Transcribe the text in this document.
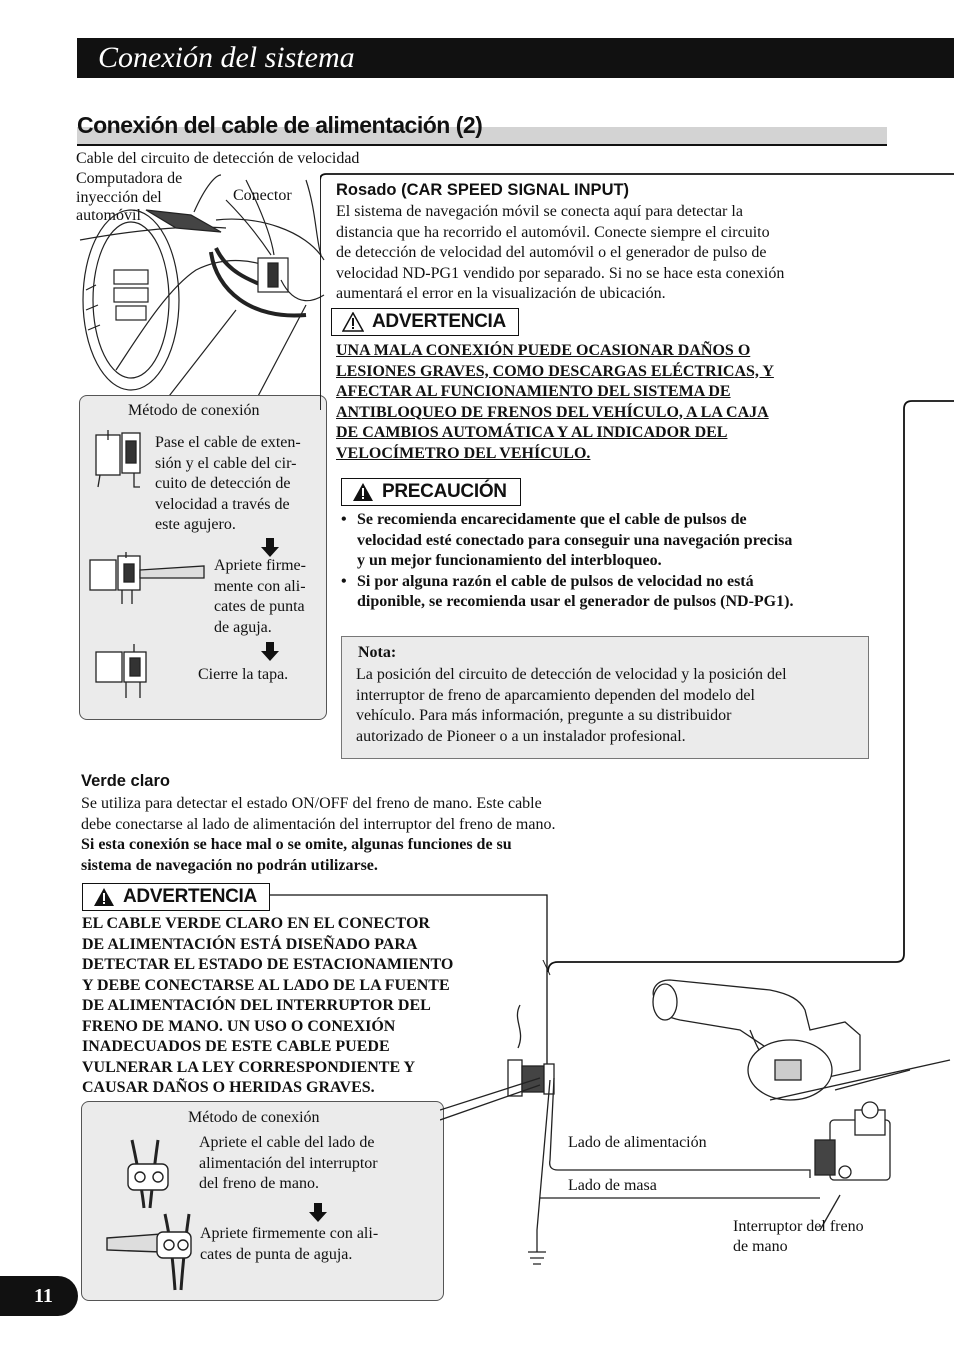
Conexión del sistema
Conexión del cable de alimentación (2)
Cable del circuito de detección de velocidad
Computadora de
inyección del
automóvil
Conector
Método de conexión
Pase el cable de exten-
sión y el cable del cir-
cuito de detección de
velocidad a través de
este agujero.
Apriete firme-
mente con ali-
cates de punta
de aguja.
Cierre la tapa.
Rosado (CAR SPEED SIGNAL INPUT)
El sistema de navegación móvil se conecta aquí para detectar la
distancia que ha recorrido el automóvil. Conecte siempre el circuito
de detección de velocidad del automóvil o el generador de pulso de
velocidad ND-PG1 vendido por separado. Si no se hace esta conexión
aumentará el error en la visualización de ubicación.
ADVERTENCIA
UNA MALA CONEXIÓN PUEDE OCASIONAR DAÑOS O
LESIONES GRAVES, COMO DESCARGAS ELÉCTRICAS, Y
AFECTAR AL FUNCIONAMIENTO DEL SISTEMA DE
ANTIBLOQUEO DE FRENOS DEL VEHÍCULO, A LA CAJA
DE CAMBIOS AUTOMÁTICA Y AL INDICADOR DEL
VELOCÍMETRO DEL VEHÍCULO.
PRECAUCIÓN
• Se recomienda encarecidamente que el cable de pulsos de
velocidad esté conectado para conseguir una navegación precisa
y un mejor funcionamiento del interbloqueo.
• Si por alguna razón el cable de pulsos de velocidad no está
diponible, se recomienda usar el generador de pulsos (ND-PG1).
Nota:
La posición del circuito de detección de velocidad y la posición del
interruptor de freno de aparcamiento dependen del modelo del
vehículo. Para más información, pregunte a su distribuidor
autorizado de Pioneer o a un instalador profesional.
Verde claro
Se utiliza para detectar el estado ON/OFF del freno de mano. Este cable
debe conectarse al lado de alimentación del interruptor del freno de mano.
Si esta conexión se hace mal o se omite, algunas funciones de su
sistema de navegación no podrán utilizarse.
ADVERTENCIA
EL CABLE VERDE CLARO EN EL CONECTOR
DE ALIMENTACIÓN ESTÁ DISEÑADO PARA
DETECTAR EL ESTADO DE ESTACIONAMIENTO
Y DEBE CONECTARSE AL LADO DE LA FUENTE
DE ALIMENTACIÓN DEL INTERRUPTOR DEL
FRENO DE MANO. UN USO O CONEXIÓN
INADECUADOS DE ESTE CABLE PUEDE
VULNERAR LA LEY CORRESPONDIENTE Y
CAUSAR DAÑOS O HERIDAS GRAVES.
Método de conexión
Apriete el cable del lado de
alimentación del interruptor
del freno de mano.
Apriete firmemente con ali-
cates de punta de aguja.
Lado de alimentación
Lado de masa
Interruptor del freno
de mano
11
